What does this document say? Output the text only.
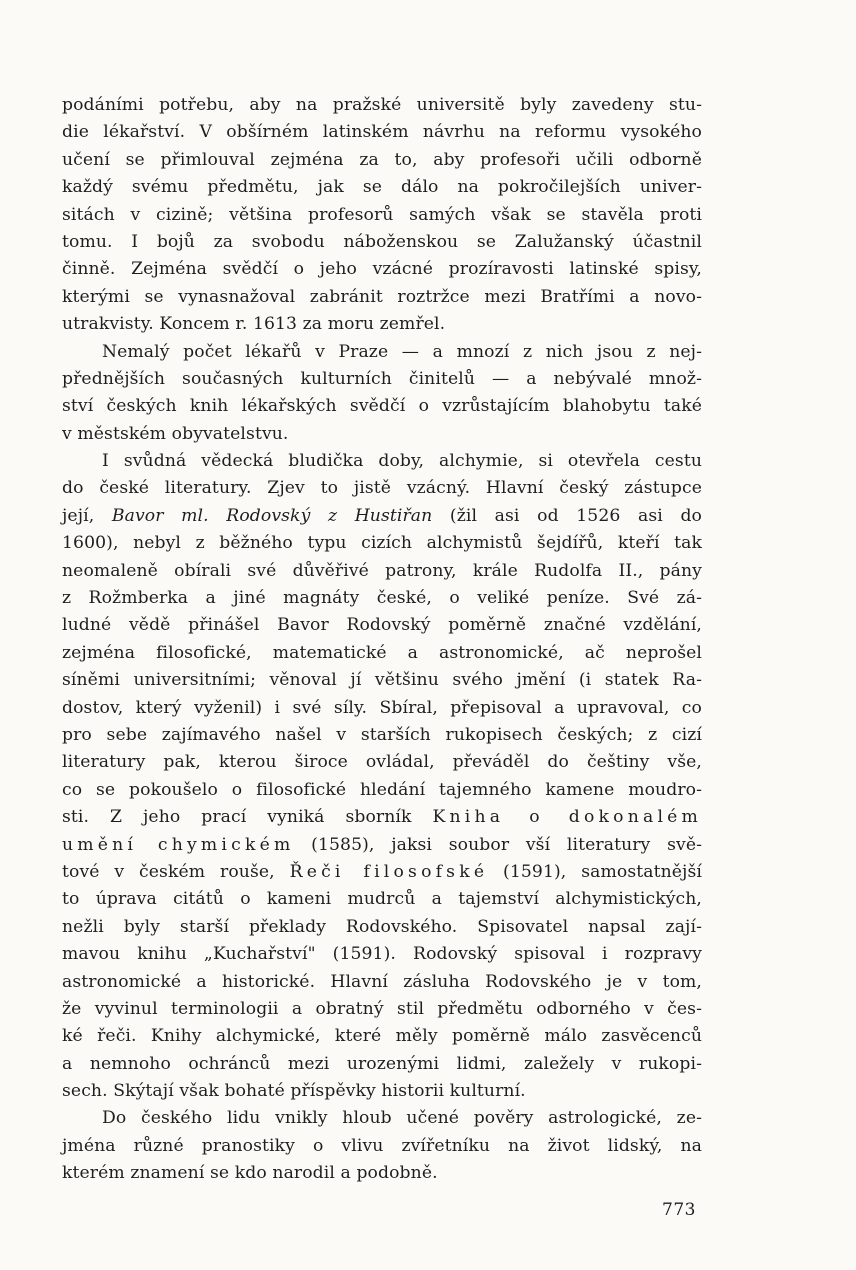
podáními potřebu, aby na pražské universitě byly zavedeny stu-
die lékařství. V obšírném latinském návrhu na reformu vysokého
učení se přimlouval zejména za to, aby profesoři učili odborně
každý svému předmětu, jak se dálo na pokročilejších univer-
sitách v cizině; většina profesorů samých však se stavěla proti
tomu. I bojů za svobodu náboženskou se Zalužanský účastnil
činně. Zejména svědčí o jeho vzácné prozíravosti latinské spisy,
kterými se vynasnažoval zabránit roztržce mezi Bratřími a novo-
utrakvisty. Koncem r. 1613 za moru zemřel.
Nemalý počet lékařů v Praze — a mnozí z nich jsou z nej-
přednějších současných kulturních činitelů — a nebývalé množ-
ství českých knih lékařských svědčí o vzrůstajícím blahobytu také
v městském obyvatelstvu.
I svůdná vědecká bludička doby, alchymie, si otevřela cestu
do české literatury. Zjev to jistě vzácný. Hlavní český zástupce
její, Bavor ml. Rodovský z Hustiřan (žil asi od 1526 asi do
1600), nebyl z běžného typu cizích alchymistů šejdířů, kteří tak
neomaleně obírali své důvěřivé patrony, krále Rudolfa II., pány
z Rožmberka a jiné magnáty české, o veliké peníze. Své zá-
ludné vědě přinášel Bavor Rodovský poměrně značné vzdělání,
zejména filosofické, matematické a astronomické, ač neprošel
síněmi universitními; věnoval jí většinu svého jmění (i statek Ra-
dostov, který vyženil) i své síly. Sbíral, přepisoval a upravoval, co
pro sebe zajímavého našel v starších rukopisech českých; z cizí
literatury pak, kterou široce ovládal, převáděl do češtiny vše,
co se pokoušelo o filosofické hledání tajemného kamene moudro-
sti. Z jeho prací vyniká sborník Kniha o dokonalém
umění chymickém (1585), jaksi soubor vší literatury svě-
tové v českém rouše, Řeči filosofské (1591), samostatnější
to úprava citátů o kameni mudrců a tajemství alchymistických,
nežli byly starší překlady Rodovského. Spisovatel napsal zají-
mavou knihu „Kuchařství" (1591). Rodovský spisoval i rozpravy
astronomické a historické. Hlavní zásluha Rodovského je v tom,
že vyvinul terminologii a obratný stil předmětu odborného v čes-
ké řeči. Knihy alchymické, které měly poměrně málo zasvěcenců
a nemnoho ochránců mezi urozenými lidmi, zaležely v rukopi-
sech. Skýtají však bohaté příspěvky historii kulturní.
Do českého lidu vnikly hloub učené pověry astrologické, ze-
jména různé pranostiky o vlivu zvířetníku na život lidský, na
kterém znamení se kdo narodil a podobně.
773
